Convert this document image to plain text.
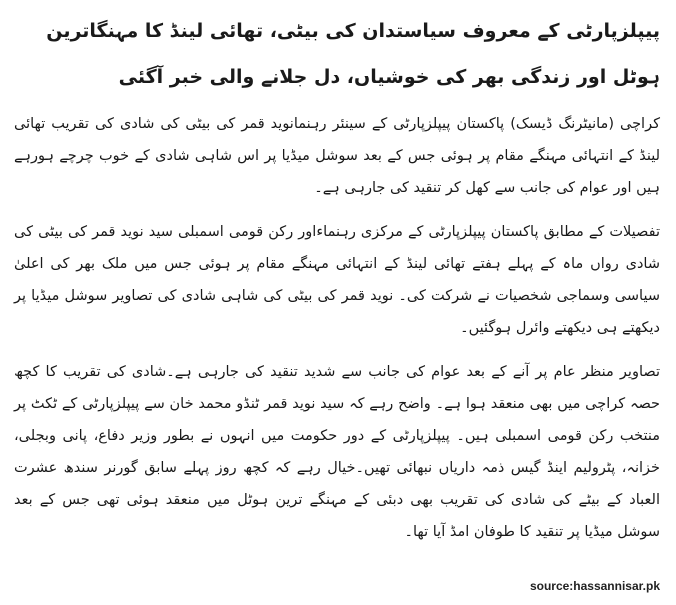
پیپلزپارٹی کے معروف سیاستدان کی بیٹی، تھائی لینڈ کا مہنگاترین ہوٹل اور زندگی بھر کی خوشیاں، دل جلانے والی خبر آگئی

کراچی (مانیٹرنگ ڈیسک) پاکستان پیپلزپارٹی کے سینئر رہنمانوید قمر کی بیٹی کی شادی کی تقریب تھائی لینڈ کے انتہائی مہنگے مقام پر ہوئی جس کے بعد سوشل میڈیا پر اس شاہی شادی کے خوب چرچے ہورہے ہیں اور عوام کی جانب سے کھل کر تنقید کی جارہی ہے۔

تفصیلات کے مطابق پاکستان پیپلزپارٹی کے مرکزی رہنماءاور رکن قومی اسمبلی سید نوید قمر کی بیٹی کی شادی رواں ماہ کے پہلے ہفتے تھائی لینڈ کے انتہائی مہنگے مقام پر ہوئی جس میں ملک بھر کی اعلیٰ سیاسی وسماجی شخصیات نے شرکت کی۔ نوید قمر کی بیٹی کی شاہی شادی کی تصاویر سوشل میڈیا پر دیکھتے ہی دیکھتے وائرل ہوگئیں۔

تصاویر منظر عام پر آنے کے بعد عوام کی جانب سے شدید تنقید کی جارہی ہے۔شادی کی تقریب کا کچھ حصہ کراچی میں بھی منعقد ہوا ہے۔ واضح رہے کہ سید نوید قمر ٹنڈو محمد خان سے پیپلزپارٹی کے ٹکٹ پر منتخب رکن قومی اسمبلی ہیں۔ پیپلزپارٹی کے دور حکومت میں انہوں نے بطور وزیر دفاع، پانی وبجلی، خزانہ، پٹرولیم اینڈ گیس ذمہ داریاں نبھائی تھیں۔خیال رہے کہ کچھ روز پہلے سابق گورنر سندھ عشرت العباد کے بیٹے کی شادی کی تقریب بھی دبئی کے مہنگے ترین ہوٹل میں منعقد ہوئی تھی جس کے بعد سوشل میڈیا پر تنقید کا طوفان امڈ آیا تھا۔

source:hassannisar.pk
